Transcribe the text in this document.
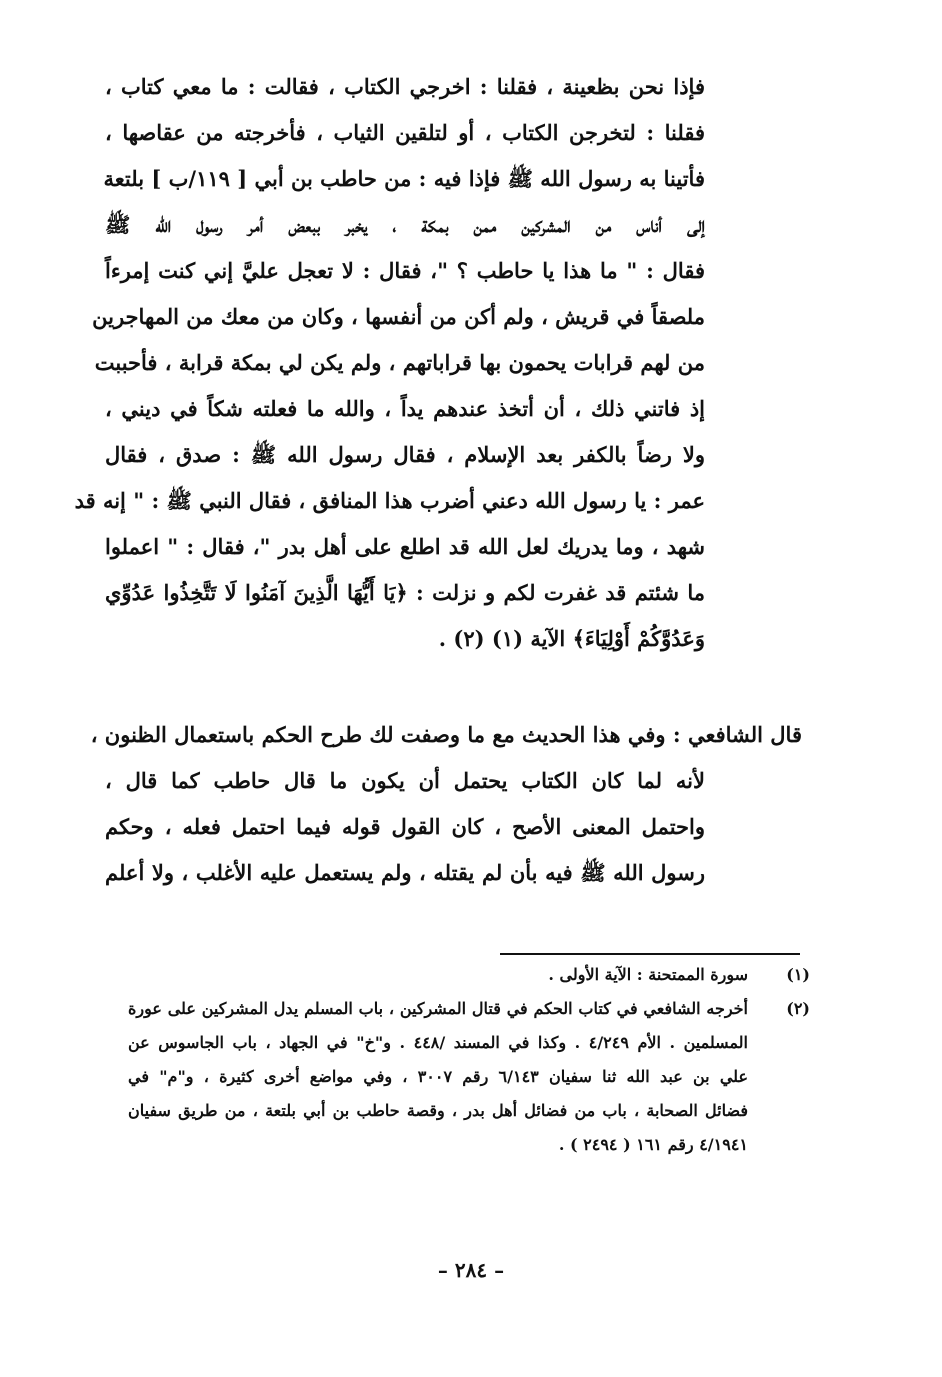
فإذا نحن بظعينة ، فقلنا : اخرجي الكتاب ، فقالت : ما معي كتاب ،
فقلنا : لتخرجن الكتاب ، أو لتلقين الثياب ، فأخرجته من عقاصها ،
فأتينا به رسول الله ﷺ فإذا فيه : من حاطب بن أبي [ ١١٩/ب ] بلتعة
إلى أناس من المشركين ممن بمكة ، يخبر ببعض أمر رسول الله ﷺ
فقال : " ما هذا يا حاطب ؟ "، فقال : لا تعجل عليَّ إني كنت إمرءاً
ملصقاً في قريش ، ولم أكن من أنفسها ، وكان من معك من المهاجرين
من لهم قرابات يحمون بها قراباتهم ، ولم يكن لي بمكة قرابة ، فأحببت
إذ فاتني ذلك ، أن أتخذ عندهم يداً ، والله ما فعلته شكاً في ديني ،
ولا رضاً بالكفر بعد الإسلام ، فقال رسول الله ﷺ : صدق ، فقال
عمر : يا رسول الله دعني أضرب هذا المنافق ، فقال النبي ﷺ : " إنه قد
شهد ، وما يدريك لعل الله قد اطلع على أهل بدر "، فقال : " اعملوا
ما شئتم قد غفرت لكم و نزلت : ﴿يَا أَيُّهَا الَّذِينَ آمَنُوا لَا تَتَّخِذُوا عَدُوِّي
وَعَدُوَّكُمْ أَوْلِيَاءَ﴾ الآية (١) (٢) .
قال الشافعي : وفي هذا الحديث مع ما وصفت لك طرح الحكم باستعمال الظنون ،
لأنه لما كان الكتاب يحتمل أن يكون ما قال حاطب كما قال ،
واحتمل المعنى الأصح ، كان القول قوله فيما احتمل فعله ، وحكم
رسول الله ﷺ فيه بأن لم يقتله ، ولم يستعمل عليه الأغلب ، ولا أعلم
(١)
سورة الممتحنة : الآية الأولى .
(٢)
أخرجه الشافعي في كتاب الحكم في قتال المشركين ، باب المسلم يدل المشركين على عورة
المسلمين . الأم ٤/٢٤٩ . وكذا في المسند /٤٤٨ . و"خ" في الجهاد ، باب الجاسوس عن
علي بن عبد الله ثنا سفيان ٦/١٤٣ رقم ٣٠٠٧ ، وفي مواضع أخرى كثيرة ، و"م" في
فضائل الصحابة ، باب من فضائل أهل بدر ، وقصة حاطب بن أبي بلتعة ، من طريق سفيان
٤/١٩٤١ رقم ١٦١ ( ٢٤٩٤ ) .
– ٢٨٤ –
